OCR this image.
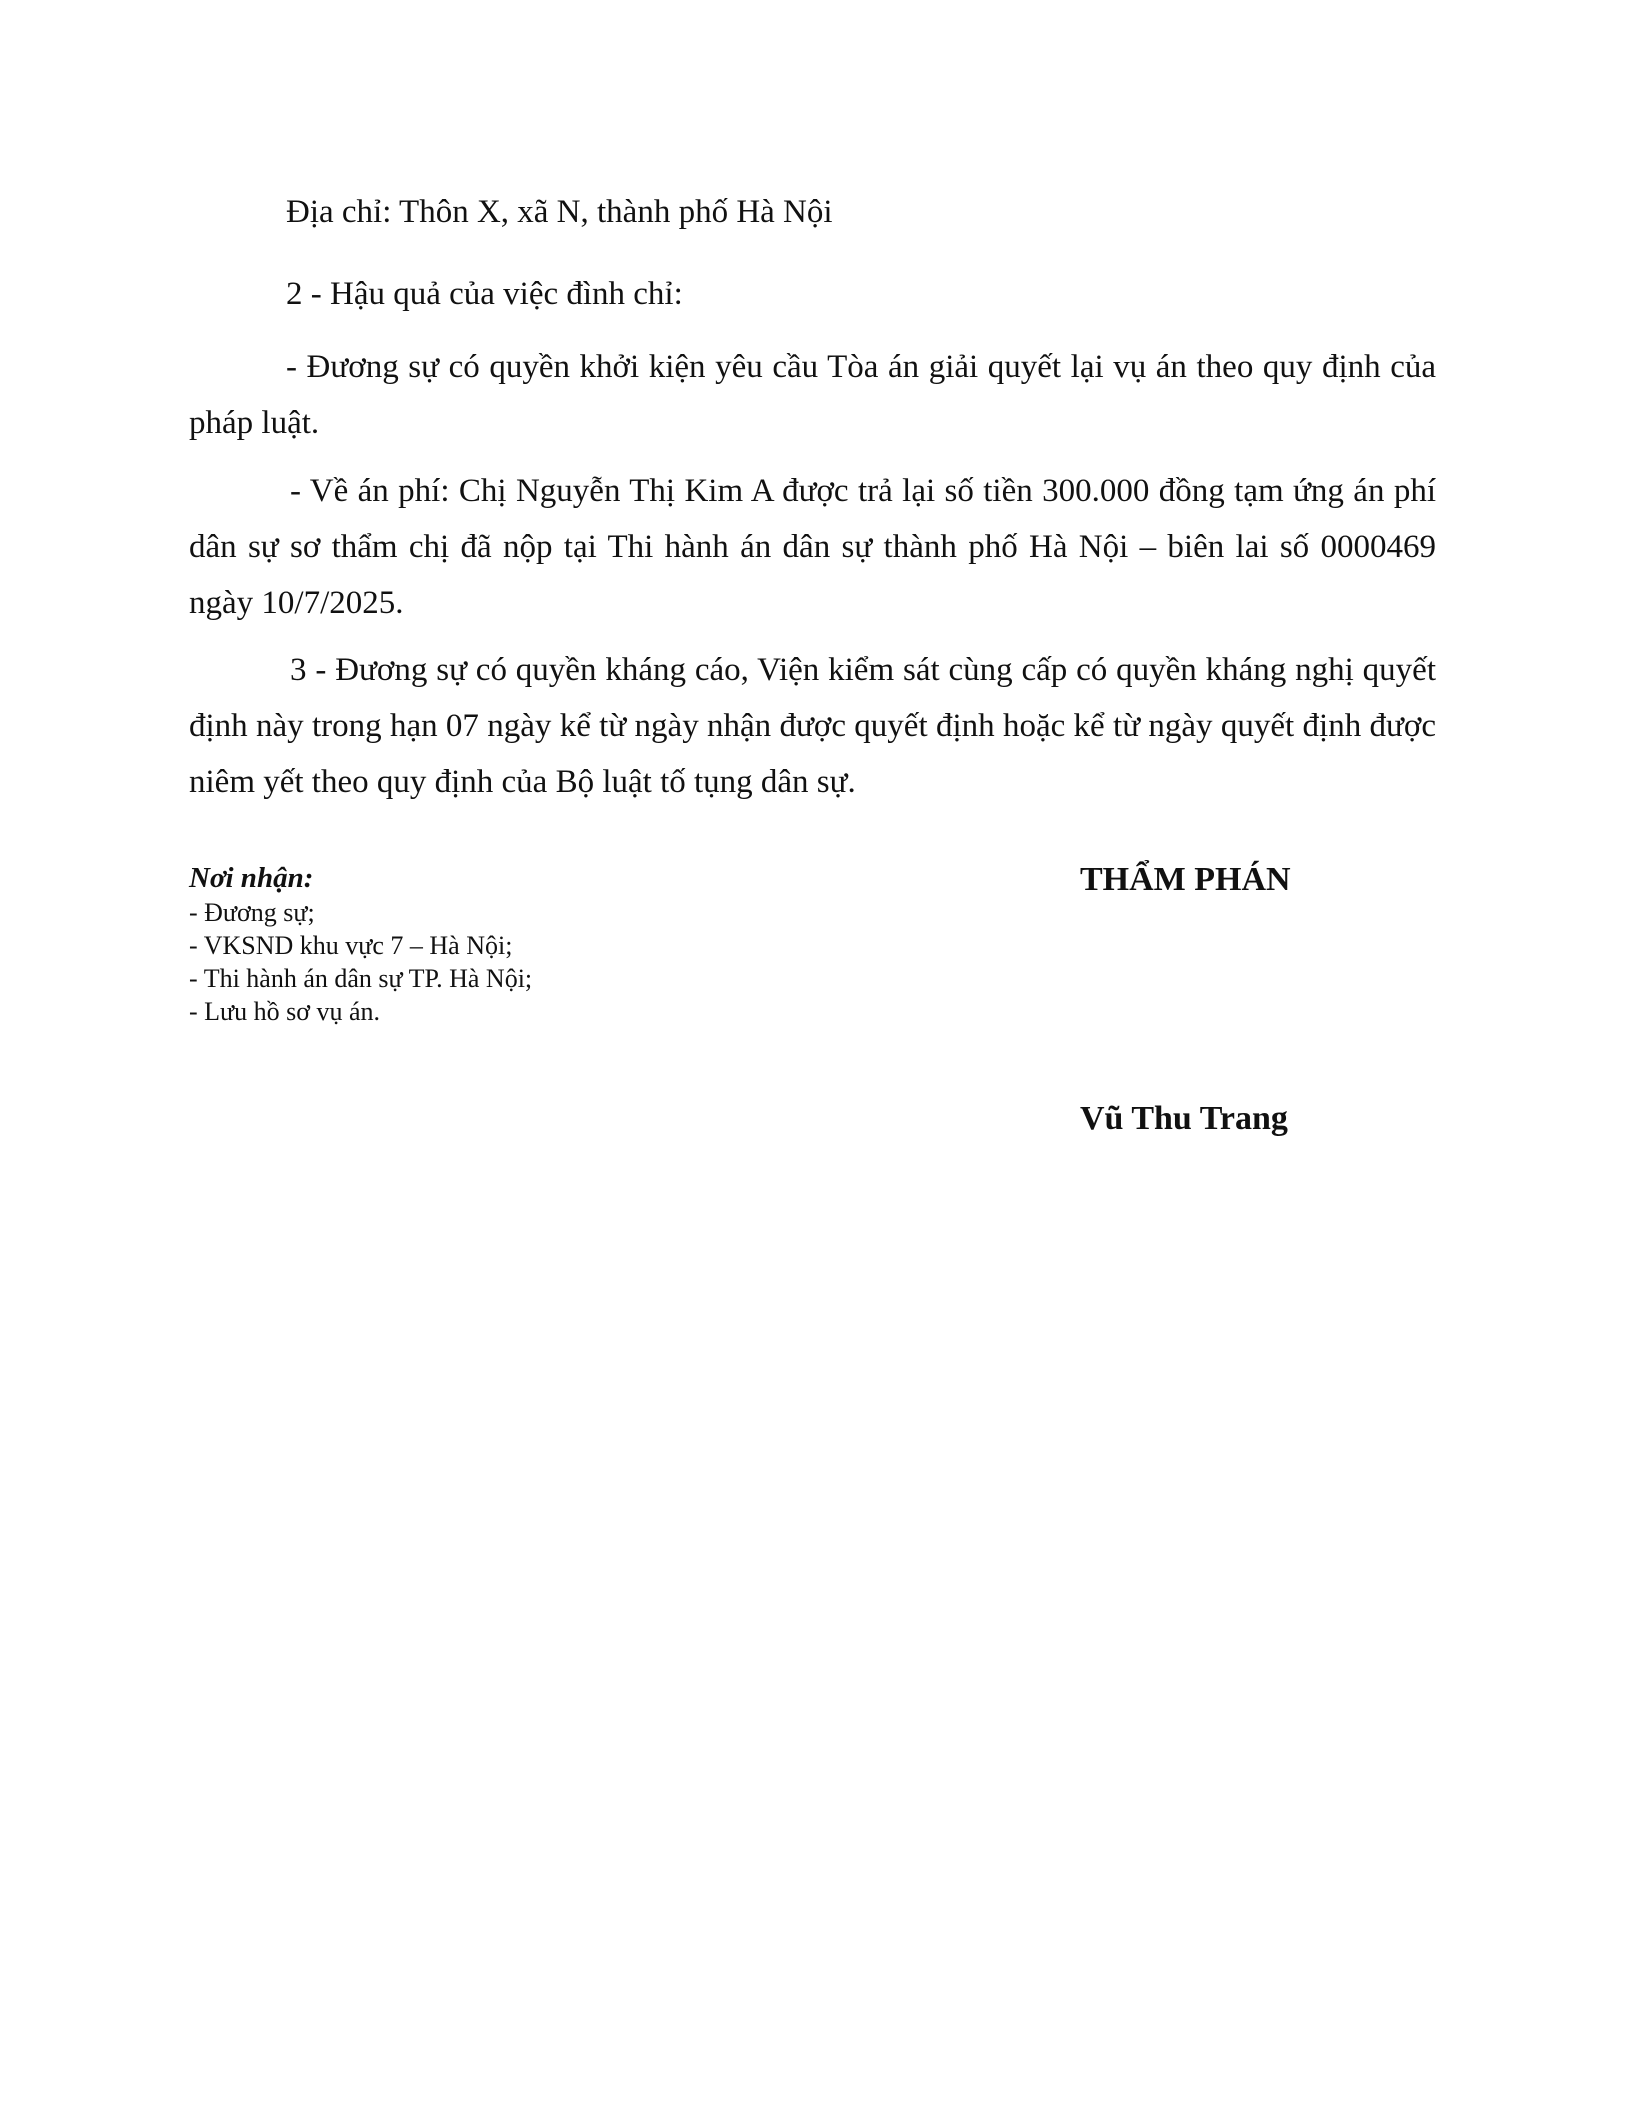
Địa chỉ: Thôn X, xã N, thành phố Hà Nội

2 - Hậu quả của việc đình chỉ:

- Đương sự có quyền khởi kiện yêu cầu Tòa án giải quyết lại vụ án theo quy định của pháp luật.

- Về án phí: Chị Nguyễn Thị Kim A được trả lại số tiền 300.000 đồng tạm ứng án phí dân sự sơ thẩm chị đã nộp tại Thi hành án dân sự thành phố Hà Nội – biên lai số 0000469 ngày 10/7/2025.

3 - Đương sự có quyền kháng cáo, Viện kiểm sát cùng cấp có quyền kháng nghị quyết định này trong hạn 07 ngày kể từ ngày nhận được quyết định hoặc kể từ ngày quyết định được niêm yết theo quy định của Bộ luật tố tụng dân sự.

Nơi nhận:
- Đương sự;
- VKSND khu vực 7 – Hà Nội;
- Thi hành án dân sự TP. Hà Nội;
- Lưu hồ sơ vụ án.
THẨM PHÁN
Vũ Thu Trang
